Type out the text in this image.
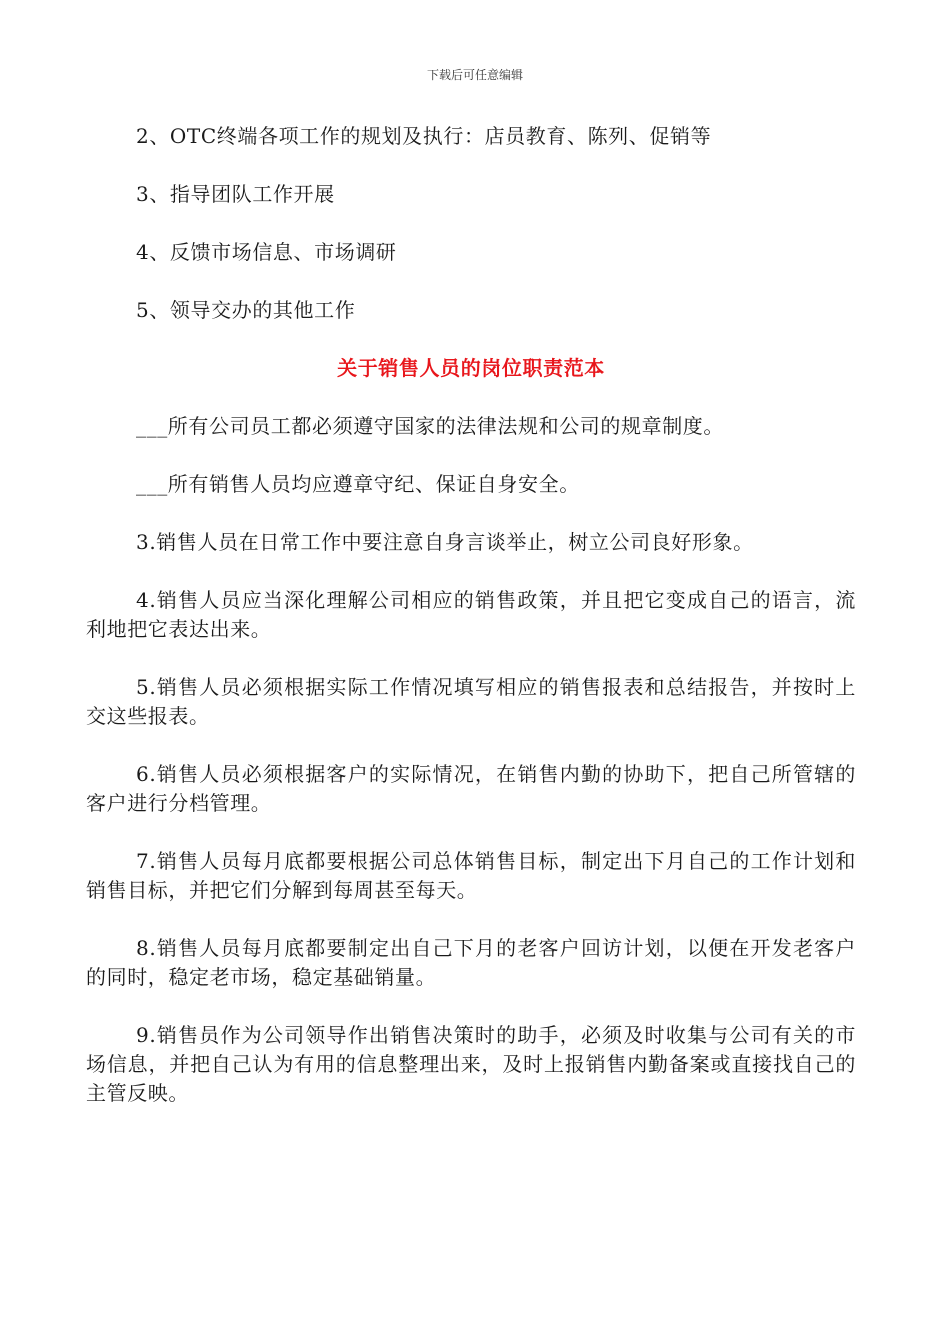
下载后可任意编辑

2、OTC终端各项工作的规划及执行：店员教育、陈列、促销等

3、指导团队工作开展

4、反馈市场信息、市场调研

5、领导交办的其他工作

关于销售人员的岗位职责范本

___所有公司员工都必须遵守国家的法律法规和公司的规章制度。

___所有销售人员均应遵章守纪、保证自身安全。

3.销售人员在日常工作中要注意自身言谈举止，树立公司良好形象。

4.销售人员应当深化理解公司相应的销售政策，并且把它变成自己的语言，流利地把它表达出来。

5.销售人员必须根据实际工作情况填写相应的销售报表和总结报告，并按时上交这些报表。

6.销售人员必须根据客户的实际情况，在销售内勤的协助下，把自己所管辖的客户进行分档管理。

7.销售人员每月底都要根据公司总体销售目标，制定出下月自己的工作计划和销售目标，并把它们分解到每周甚至每天。

8.销售人员每月底都要制定出自己下月的老客户回访计划，以便在开发老客户的同时，稳定老市场，稳定基础销量。

9.销售员作为公司领导作出销售决策时的助手，必须及时收集与公司有关的市场信息，并把自己认为有用的信息整理出来，及时上报销售内勤备案或直接找自己的主管反映。
